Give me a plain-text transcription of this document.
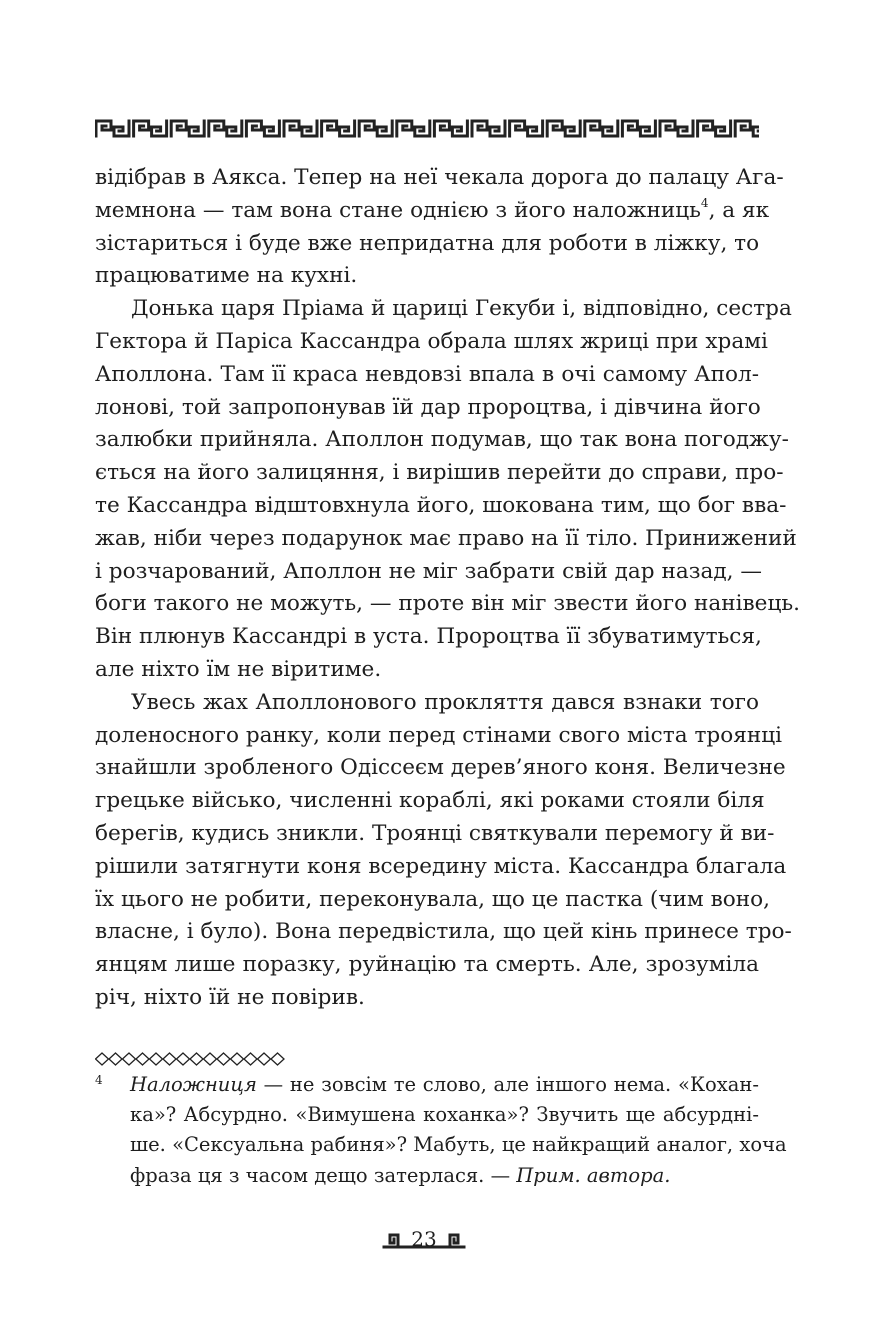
відібрав в Аякса. Тепер на неї чекала дорога до палацу Ага-
мемнона — там вона стане однією з його наложниць$^4$, а як
зістариться і буде вже непридатна для роботи в ліжку, то
працюватиме на кухні.

Донька царя Пріама й цариці Гекуби і, відповідно, сестра
Гектора й Паріса Кассандра обрала шлях жриці при храмі
Аполлона. Там її краса невдовзі впала в очі самому Апол-
лонові, той запропонував їй дар пророцтва, і дівчина його
залюбки прийняла. Аполлон подумав, що так вона погоджу-
ється на його залицяння, і вирішив перейти до справи, про-
те Кассандра відштовхнула його, шокована тим, що бог вва-
жав, ніби через подарунок має право на її тіло. Принижений
і розчарований, Аполлон не міг забрати свій дар назад, —
боги такого не можуть, — проте він міг звести його нанівець.
Він плюнув Кассандрі в уста. Пророцтва її збуватимуться,
але ніхто їм не віритиме.

Увесь жах Аполлонового прокляття дався взнаки того
доленосного ранку, коли перед стінами свого міста троянці
знайшли зробленого Одіссеєм дерев’яного коня. Величезне
грецьке військо, численні кораблі, які роками стояли біля
берегів, кудись зникли. Троянці святкували перемогу й ви-
рішили затягнути коня всередину міста. Кассандра благала
їх цього не робити, переконувала, що це пастка (чим воно,
власне, і було). Вона передвістила, що цей кінь принесе тро-
янцям лише поразку, руйнацію та смерть. Але, зрозуміла
річ, ніхто їй не повірив.

4 Наложниця — не зовсім те слово, але іншого нема. «Кохан-
ка»? Абсурдно. «Вимушена коханка»? Звучить ще абсурдні-
ше. «Сексуальна рабиня»? Мабуть, це найкращий аналог, хоча
фраза ця з часом дещо затерлася. — Прим. автора.
23
